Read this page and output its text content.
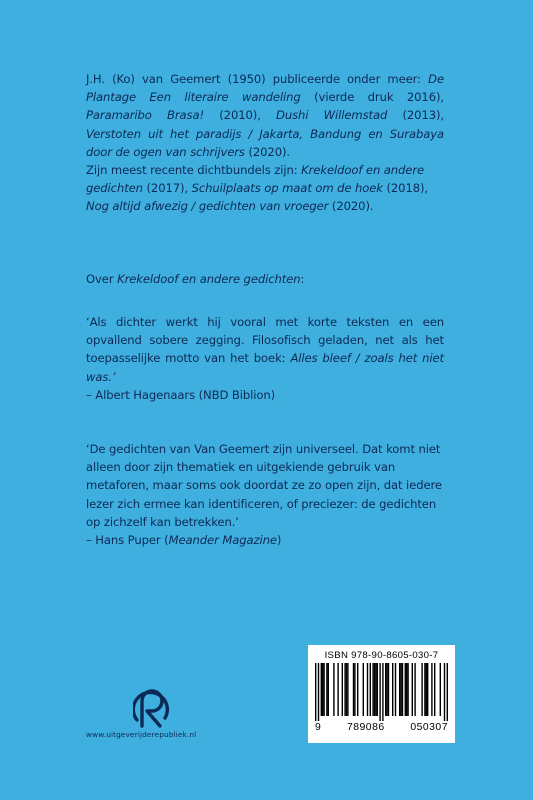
J.H. (Ko) van Geemert (1950) publiceerde onder meer: De Plantage Een literaire wandeling (vierde druk 2016), Paramaribo Brasa! (2010), Dushi Willemstad (2013), Verstoten uit het paradijs / Jakarta, Bandung en Surabaya door de ogen van schrijvers (2020).

Zijn meest recente dichtbundels zijn: Krekeldoof en andere gedichten (2017), Schuilplaats op maat om de hoek (2018), Nog altijd afwezig / gedichten van vroeger (2020).

Over Krekeldoof en andere gedichten:

‘Als dichter werkt hij vooral met korte teksten en een opvallend sobere zegging. Filosofisch geladen, net als het toepasselijke motto van het boek: Alles bleef / zoals het niet was.’

– Albert Hagenaars (NBD Biblion)

‘De gedichten van Van Geemert zijn universeel. Dat komt niet alleen door zijn thematiek en uitgekiende gebruik van metaforen, maar soms ook doordat ze zo open zijn, dat iedere lezer zich ermee kan identificeren, of preciezer: de gedichten op zichzelf kan betrekken.’

– Hans Puper (Meander Magazine)

ISBN 978-90-8605-030-7
9 789086 050307
www.uitgeverijderepubliek.nl
